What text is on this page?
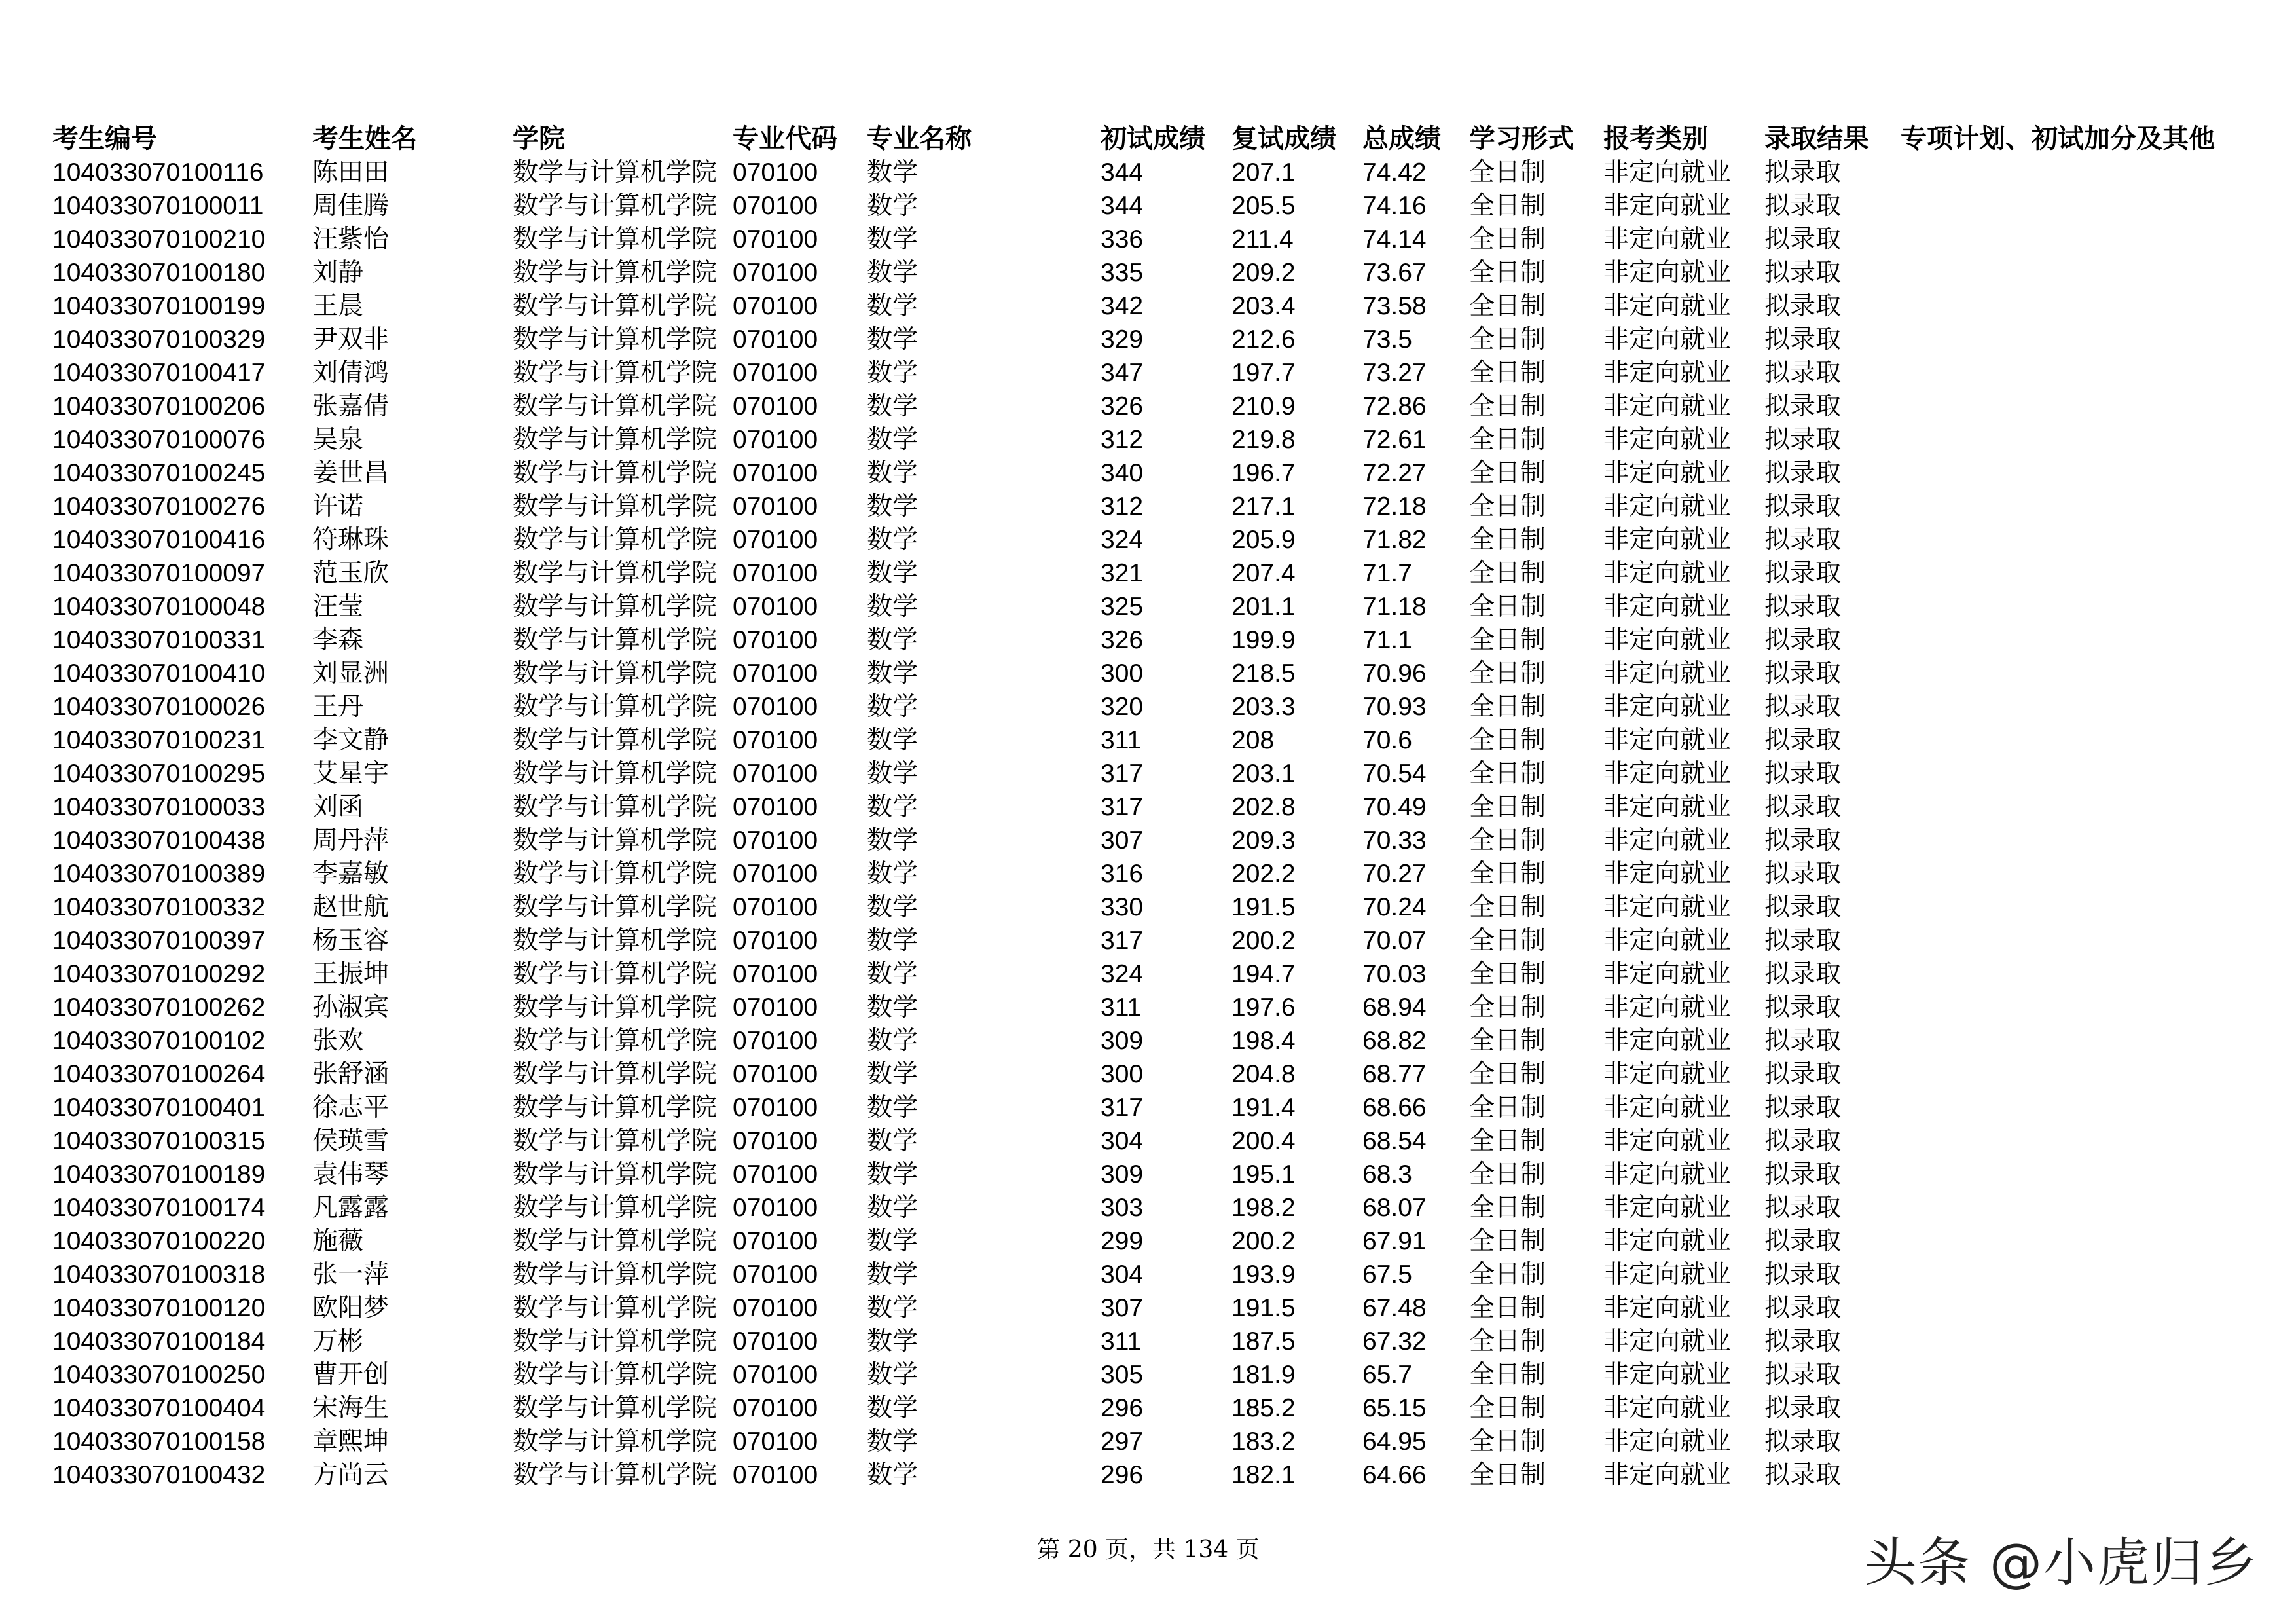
考生编号	考生姓名	学院	专业代码	专业名称	初试成绩	复试成绩	总成绩	学习形式	报考类别	录取结果	专项计划、初试加分及其他
104033070100116	陈田田	数学与计算机学院	070100	数学	344	207.1	74.42	全日制	非定向就业	拟录取	
104033070100011	周佳腾	数学与计算机学院	070100	数学	344	205.5	74.16	全日制	非定向就业	拟录取	
104033070100210	汪紫怡	数学与计算机学院	070100	数学	336	211.4	74.14	全日制	非定向就业	拟录取	
104033070100180	刘静	数学与计算机学院	070100	数学	335	209.2	73.67	全日制	非定向就业	拟录取	
104033070100199	王晨	数学与计算机学院	070100	数学	342	203.4	73.58	全日制	非定向就业	拟录取	
104033070100329	尹双非	数学与计算机学院	070100	数学	329	212.6	73.5	全日制	非定向就业	拟录取	
104033070100417	刘倩鸿	数学与计算机学院	070100	数学	347	197.7	73.27	全日制	非定向就业	拟录取	
104033070100206	张嘉倩	数学与计算机学院	070100	数学	326	210.9	72.86	全日制	非定向就业	拟录取	
104033070100076	吴泉	数学与计算机学院	070100	数学	312	219.8	72.61	全日制	非定向就业	拟录取	
104033070100245	姜世昌	数学与计算机学院	070100	数学	340	196.7	72.27	全日制	非定向就业	拟录取	
104033070100276	许诺	数学与计算机学院	070100	数学	312	217.1	72.18	全日制	非定向就业	拟录取	
104033070100416	符琳珠	数学与计算机学院	070100	数学	324	205.9	71.82	全日制	非定向就业	拟录取	
104033070100097	范玉欣	数学与计算机学院	070100	数学	321	207.4	71.7	全日制	非定向就业	拟录取	
104033070100048	汪莹	数学与计算机学院	070100	数学	325	201.1	71.18	全日制	非定向就业	拟录取	
104033070100331	李森	数学与计算机学院	070100	数学	326	199.9	71.1	全日制	非定向就业	拟录取	
104033070100410	刘显洲	数学与计算机学院	070100	数学	300	218.5	70.96	全日制	非定向就业	拟录取	
104033070100026	王丹	数学与计算机学院	070100	数学	320	203.3	70.93	全日制	非定向就业	拟录取	
104033070100231	李文静	数学与计算机学院	070100	数学	311	208	70.6	全日制	非定向就业	拟录取	
104033070100295	艾星宇	数学与计算机学院	070100	数学	317	203.1	70.54	全日制	非定向就业	拟录取	
104033070100033	刘函	数学与计算机学院	070100	数学	317	202.8	70.49	全日制	非定向就业	拟录取	
104033070100438	周丹萍	数学与计算机学院	070100	数学	307	209.3	70.33	全日制	非定向就业	拟录取	
104033070100389	李嘉敏	数学与计算机学院	070100	数学	316	202.2	70.27	全日制	非定向就业	拟录取	
104033070100332	赵世航	数学与计算机学院	070100	数学	330	191.5	70.24	全日制	非定向就业	拟录取	
104033070100397	杨玉容	数学与计算机学院	070100	数学	317	200.2	70.07	全日制	非定向就业	拟录取	
104033070100292	王振坤	数学与计算机学院	070100	数学	324	194.7	70.03	全日制	非定向就业	拟录取	
104033070100262	孙淑宾	数学与计算机学院	070100	数学	311	197.6	68.94	全日制	非定向就业	拟录取	
104033070100102	张欢	数学与计算机学院	070100	数学	309	198.4	68.82	全日制	非定向就业	拟录取	
104033070100264	张舒涵	数学与计算机学院	070100	数学	300	204.8	68.77	全日制	非定向就业	拟录取	
104033070100401	徐志平	数学与计算机学院	070100	数学	317	191.4	68.66	全日制	非定向就业	拟录取	
104033070100315	侯瑛雪	数学与计算机学院	070100	数学	304	200.4	68.54	全日制	非定向就业	拟录取	
104033070100189	袁伟琴	数学与计算机学院	070100	数学	309	195.1	68.3	全日制	非定向就业	拟录取	
104033070100174	凡露露	数学与计算机学院	070100	数学	303	198.2	68.07	全日制	非定向就业	拟录取	
104033070100220	施薇	数学与计算机学院	070100	数学	299	200.2	67.91	全日制	非定向就业	拟录取	
104033070100318	张一萍	数学与计算机学院	070100	数学	304	193.9	67.5	全日制	非定向就业	拟录取	
104033070100120	欧阳梦	数学与计算机学院	070100	数学	307	191.5	67.48	全日制	非定向就业	拟录取	
104033070100184	万彬	数学与计算机学院	070100	数学	311	187.5	67.32	全日制	非定向就业	拟录取	
104033070100250	曹开创	数学与计算机学院	070100	数学	305	181.9	65.7	全日制	非定向就业	拟录取	
104033070100404	宋海生	数学与计算机学院	070100	数学	296	185.2	65.15	全日制	非定向就业	拟录取	
104033070100158	章熙坤	数学与计算机学院	070100	数学	297	183.2	64.95	全日制	非定向就业	拟录取	
104033070100432	方尚云	数学与计算机学院	070100	数学	296	182.1	64.66	全日制	非定向就业	拟录取	
第 20 页，共 134 页	头条 @小虎归乡
